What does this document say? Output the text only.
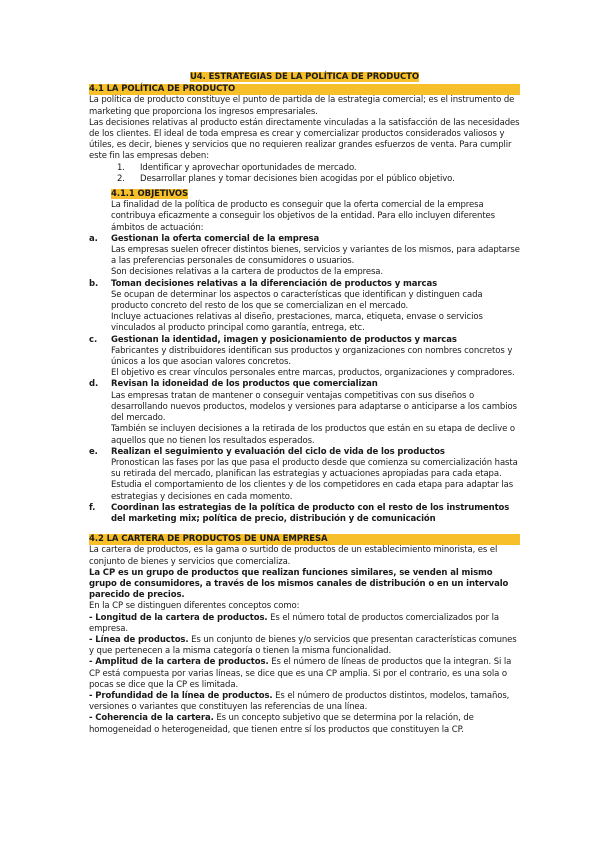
U4. ESTRATEGIAS DE LA POLÍTICA DE PRODUCTO

4.1 LA POLÍTICA DE PRODUCTO

La política de producto constituye el punto de partida de la estrategia comercial; es el instrumento de marketing que proporciona los ingresos empresariales.

Las decisiones relativas al producto están directamente vinculadas a la satisfacción de las necesidades de los clientes. El ideal de toda empresa es crear y comercializar productos considerados valiosos y útiles, es decir, bienes y servicios que no requieren realizar grandes esfuerzos de venta. Para cumplir este fin las empresas deben:

1. Identificar y aprovechar oportunidades de mercado.

2. Desarrollar planes y tomar decisiones bien acogidas por el público objetivo.

4.1.1 OBJETIVOS

La finalidad de la política de producto es conseguir que la oferta comercial de la empresa contribuya eficazmente a conseguir los objetivos de la entidad. Para ello incluyen diferentes ámbitos de actuación:

a. Gestionan la oferta comercial de la empresa

Las empresas suelen ofrecer distintos bienes, servicios y variantes de los mismos, para adaptarse a las preferencias personales de consumidores o usuarios.

Son decisiones relativas a la cartera de productos de la empresa.

b. Toman decisiones relativas a la diferenciación de productos y marcas

Se ocupan de determinar los aspectos o características que identifican y distinguen cada producto concreto del resto de los que se comercializan en el mercado.

Incluye actuaciones relativas al diseño, prestaciones, marca, etiqueta, envase o servicios vinculados al producto principal como garantía, entrega, etc.

c. Gestionan la identidad, imagen y posicionamiento de productos y marcas

Fabricantes y distribuidores identifican sus productos y organizaciones con nombres concretos y únicos a los que asocian valores concretos.

El objetivo es crear vínculos personales entre marcas, productos, organizaciones y compradores.

d. Revisan la idoneidad de los productos que comercializan

Las empresas tratan de mantener o conseguir ventajas competitivas con sus diseños o desarrollando nuevos productos, modelos y versiones para adaptarse o anticiparse a los cambios del mercado.

También se incluyen decisiones a la retirada de los productos que están en su etapa de declive o aquellos que no tienen los resultados esperados.

e. Realizan el seguimiento y evaluación del ciclo de vida de los productos

Pronostican las fases por las que pasa el producto desde que comienza su comercialización hasta su retirada del mercado, planifican las estrategias y actuaciones apropiadas para cada etapa. Estudia el comportamiento de los clientes y de los competidores en cada etapa para adaptar las estrategias y decisiones en cada momento.

f. Coordinan las estrategias de la política de producto con el resto de los instrumentos del marketing mix; política de precio, distribución y de comunicación

4.2 LA CARTERA DE PRODUCTOS DE UNA EMPRESA

La cartera de productos, es la gama o surtido de productos de un establecimiento minorista, es el conjunto de bienes y servicios que comercializa.

La CP es un grupo de productos que realizan funciones similares, se venden al mismo grupo de consumidores, a través de los mismos canales de distribución o en un intervalo parecido de precios.

En la CP se distinguen diferentes conceptos como:

- Longitud de la cartera de productos. Es el número total de productos comercializados por la empresa.

- Línea de productos. Es un conjunto de bienes y/o servicios que presentan características comunes y que pertenecen a la misma categoría o tienen la misma funcionalidad.

- Amplitud de la cartera de productos. Es el número de líneas de productos que la integran. Si la CP está compuesta por varias líneas, se dice que es una CP amplia. Si por el contrario, es una sola o pocas se dice que la CP es limitada.

- Profundidad de la línea de productos. Es el número de productos distintos, modelos, tamaños, versiones o variantes que constituyen las referencias de una línea.

- Coherencia de la cartera. Es un concepto subjetivo que se determina por la relación, de homogeneidad o heterogeneidad, que tienen entre sí los productos que constituyen la CP.
